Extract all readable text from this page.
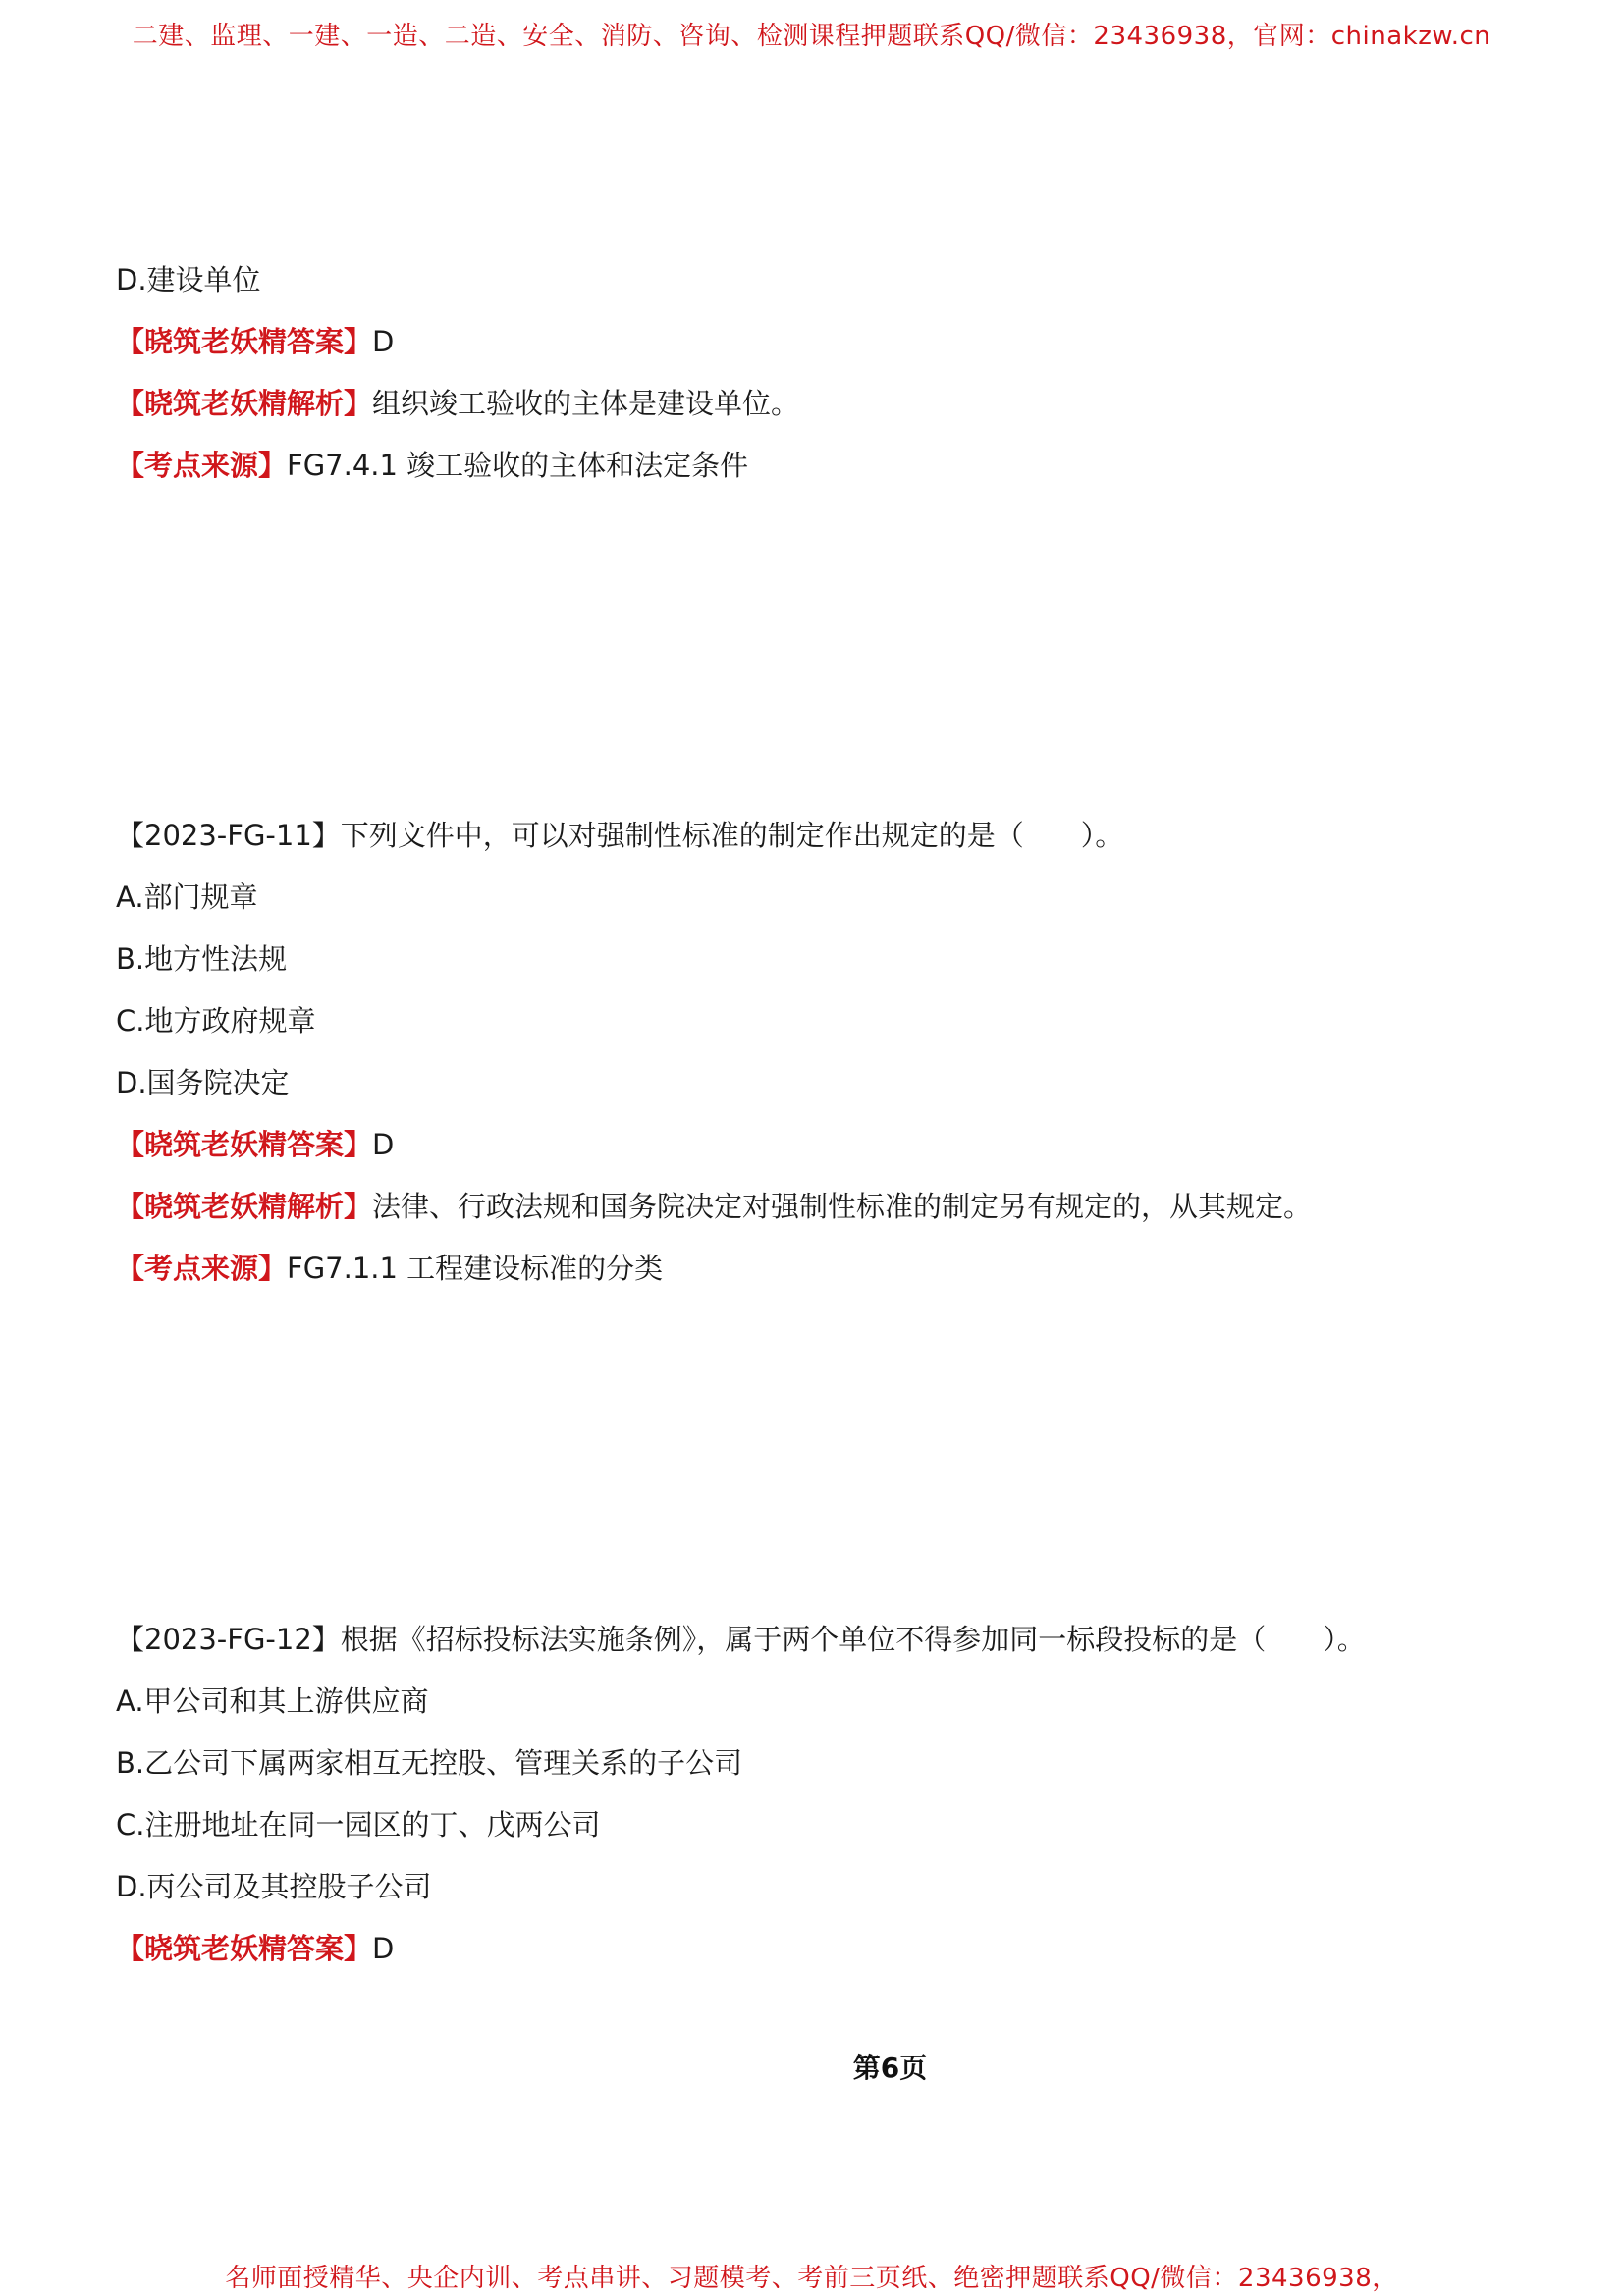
二建、监理、一建、一造、二造、安全、消防、咨询、检测课程押题联系QQ/微信：23436938，官网：chinakzw.cn
D.建设单位
【晓筑老妖精答案】D
【晓筑老妖精解析】组织竣工验收的主体是建设单位。
【考点来源】FG7.4.1 竣工验收的主体和法定条件
【2023-FG-11】下列文件中，可以对强制性标准的制定作出规定的是（　　）。
A.部门规章
B.地方性法规
C.地方政府规章
D.国务院决定
【晓筑老妖精答案】D
【晓筑老妖精解析】法律、行政法规和国务院决定对强制性标准的制定另有规定的，从其规定。
【考点来源】FG7.1.1 工程建设标准的分类
【2023-FG-12】根据《招标投标法实施条例》，属于两个单位不得参加同一标段投标的是（　　）。
A.甲公司和其上游供应商
B.乙公司下属两家相互无控股、管理关系的子公司
C.注册地址在同一园区的丁、戊两公司
D.丙公司及其控股子公司
【晓筑老妖精答案】D
第6页
名师面授精华、央企内训、考点串讲、习题模考、考前三页纸、绝密押题联系QQ/微信：23436938，
